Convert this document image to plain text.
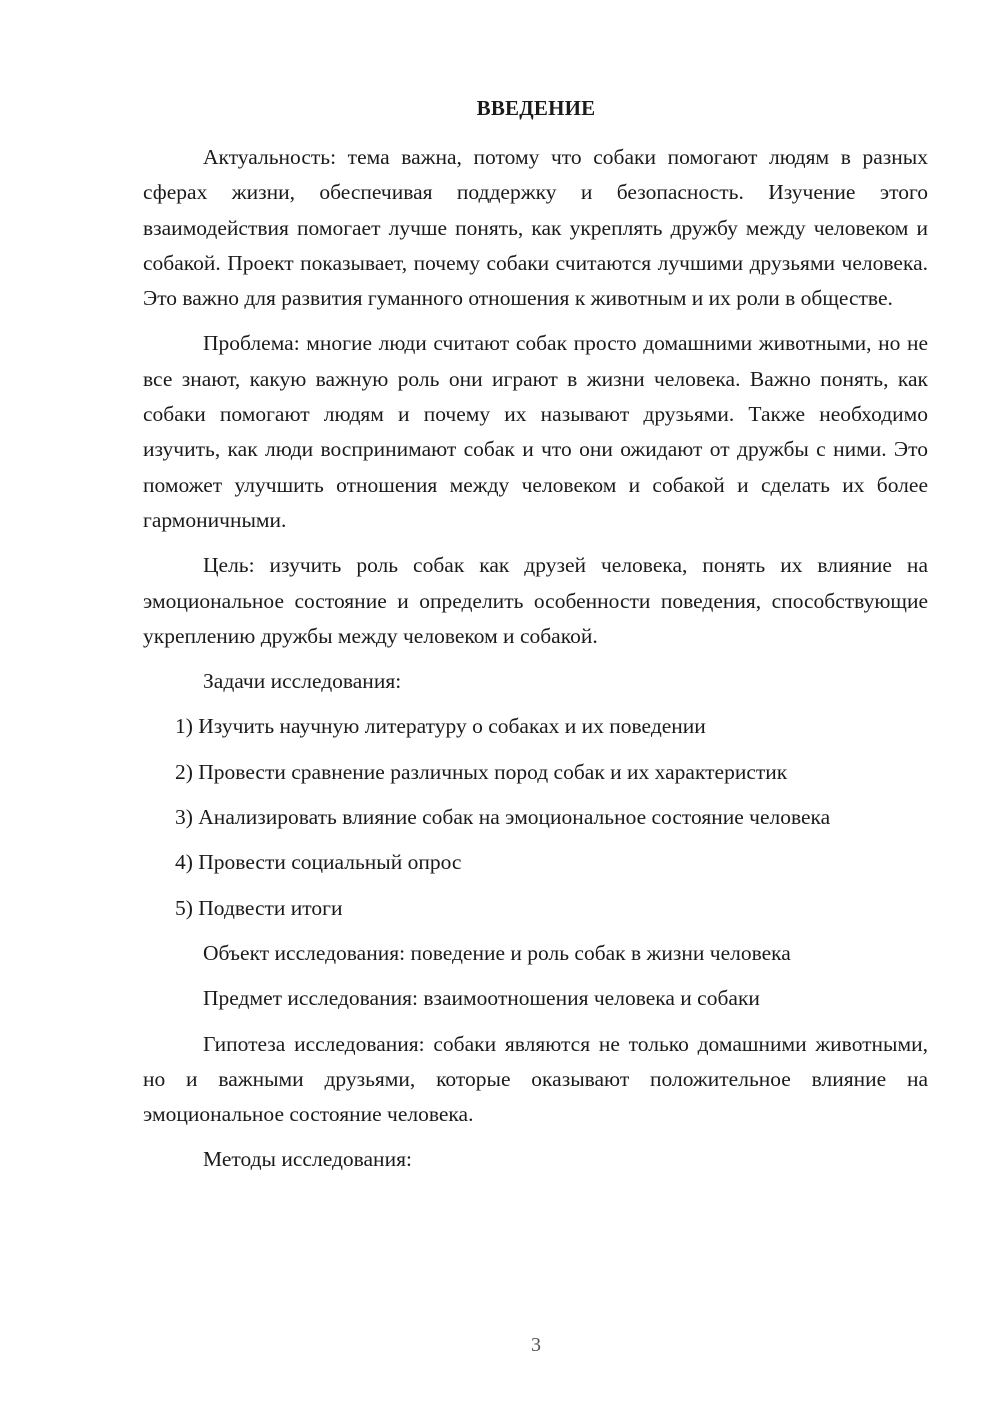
ВВЕДЕНИЕ

Актуальность: тема важна, потому что собаки помогают людям в разных сферах жизни, обеспечивая поддержку и безопасность. Изучение этого взаимодействия помогает лучше понять, как укреплять дружбу между человеком и собакой. Проект показывает, почему собаки считаются лучшими друзьями человека. Это важно для развития гуманного отношения к животным и их роли в обществе.

Проблема: многие люди считают собак просто домашними животными, но не все знают, какую важную роль они играют в жизни человека. Важно понять, как собаки помогают людям и почему их называют друзьями. Также необходимо изучить, как люди воспринимают собак и что они ожидают от дружбы с ними. Это поможет улучшить отношения между человеком и собакой и сделать их более гармоничными.

Цель: изучить роль собак как друзей человека, понять их влияние на эмоциональное состояние и определить особенности поведения, способствующие укреплению дружбы между человеком и собакой.

Задачи исследования:

1) Изучить научную литературу о собаках и их поведении

2) Провести сравнение различных пород собак и их характеристик

3) Анализировать влияние собак на эмоциональное состояние человека

4) Провести социальный опрос

5) Подвести итоги

Объект исследования: поведение и роль собак в жизни человека

Предмет исследования: взаимоотношения человека и собаки

Гипотеза исследования: собаки являются не только домашними животными, но и важными друзьями, которые оказывают положительное влияние на эмоциональное состояние человека.

Методы исследования:

3
